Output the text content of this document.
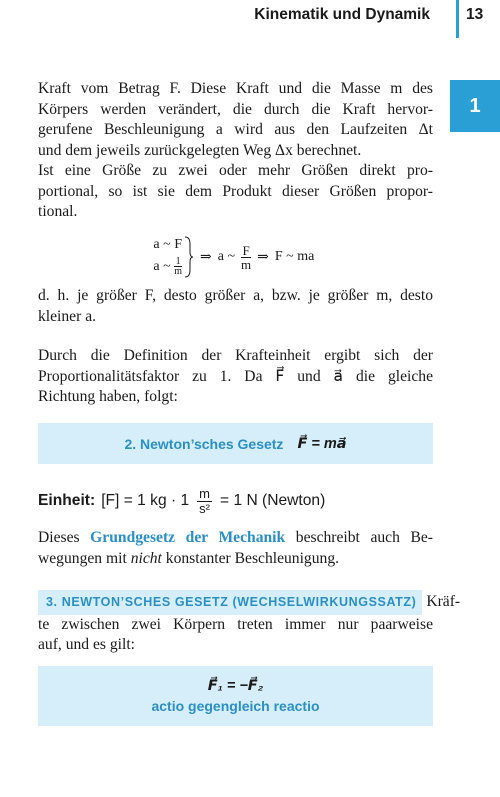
Kinematik und Dynamik 13
1
Kraft vom Betrag F. Diese Kraft und die Masse m des
Körpers werden verändert, die durch die Kraft hervor-
gerufene Beschleunigung a wird aus den Laufzeiten Δt
und dem jeweils zurückgelegten Weg Δx berechnet.
Ist eine Größe zu zwei oder mehr Größen direkt pro-
portional, so ist sie dem Produkt dieser Größen propor-
tional.
a ~ F
a ~ $\frac{1}{m}$
⇒ a ~ F
m ⇒ F ~ ma
d. h. je größer F, desto größer a, bzw. je größer m, desto
kleiner a.
Durch die Definition der Krafteinheit ergibt sich der
Proportionalitätsfaktor zu 1. Da F⃗ und a⃗ die gleiche
Richtung haben, folgt:
2. Newton’sches Gesetz F⃗ = ma⃗
Einheit: [F] = 1 kg · $1 \frac{m}{\text{s²}} = 1$ N (Newton)
Dieses Grundgesetz der Mechanik beschreibt auch Be-
wegungen mit nicht konstanter Beschleunigung.
3. NEWTON’SCHES GESETZ (WECHSELWIRKUNGSSATZ) Kräf-
te zwischen zwei Körpern treten immer nur paarweise
auf, und es gilt:
F⃗₁ = −F⃗₂
actio gegengleich reactio
